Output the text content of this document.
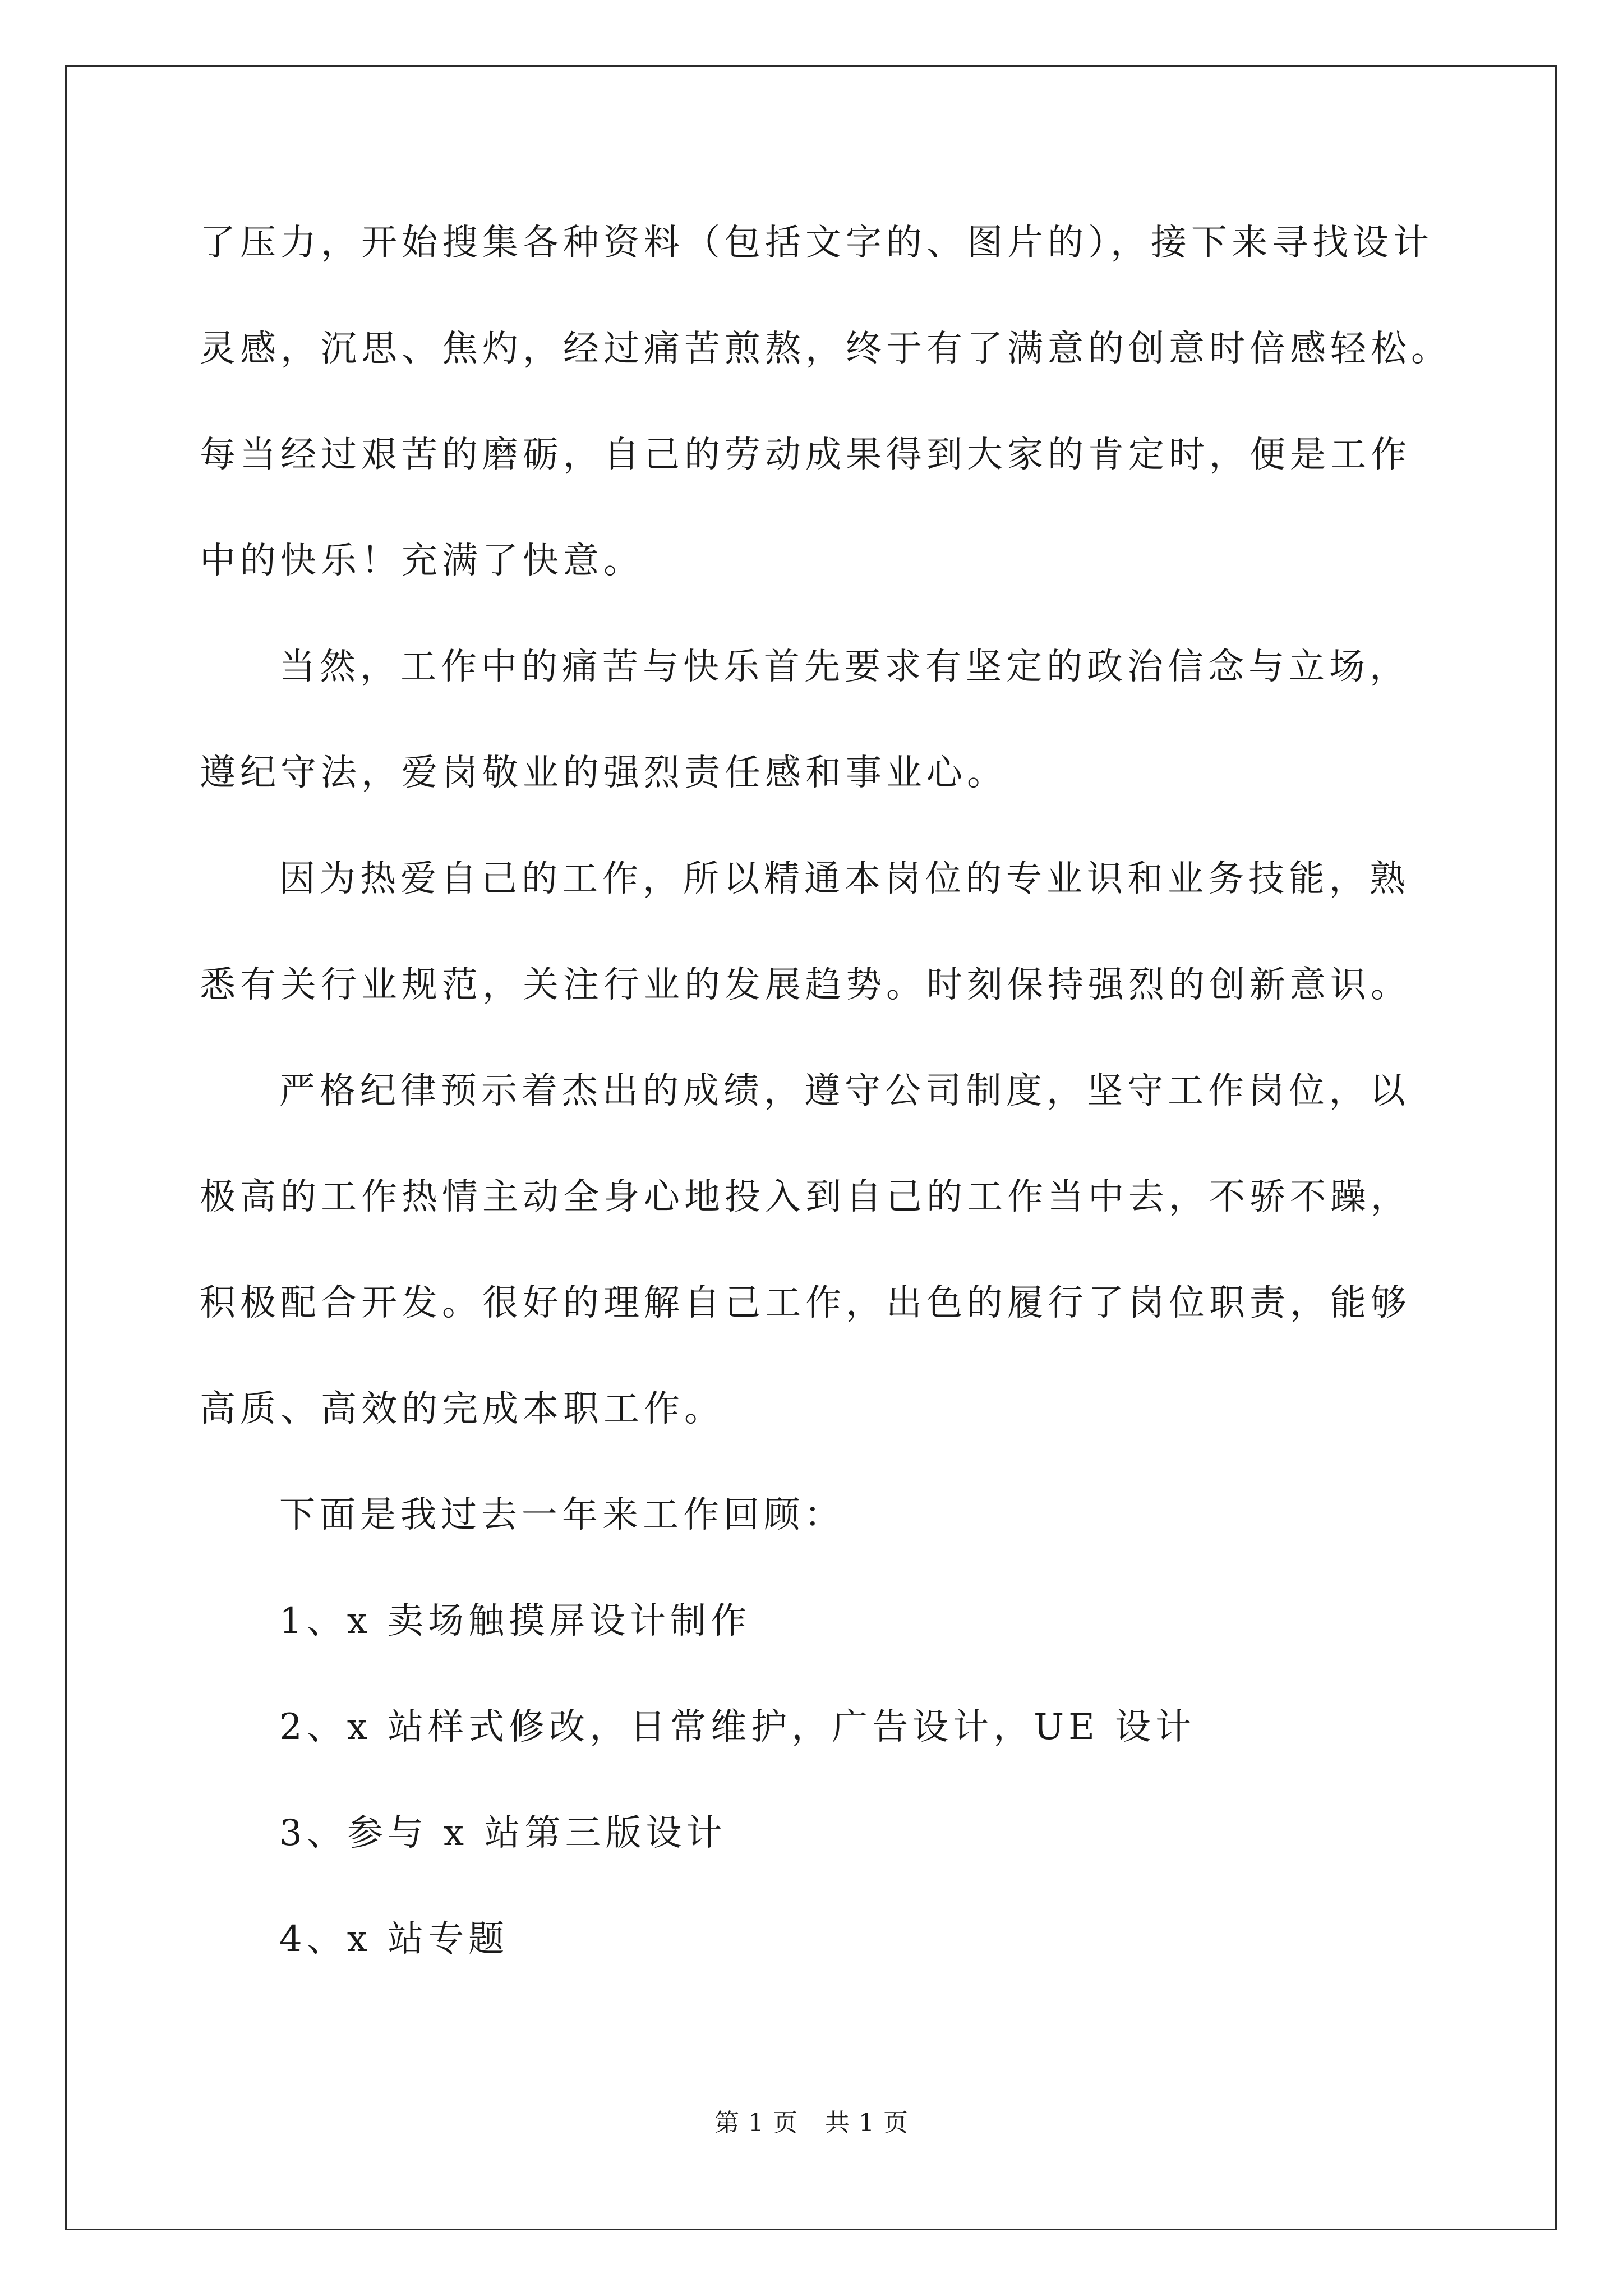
了压力，开始搜集各种资料（包括文字的、图片的），接下来寻找设计
灵感，沉思、焦灼，经过痛苦煎熬，终于有了满意的创意时倍感轻松。
每当经过艰苦的磨砺，自己的劳动成果得到大家的肯定时，便是工作
中的快乐！充满了快意。
当然，工作中的痛苦与快乐首先要求有坚定的政治信念与立场，
遵纪守法，爱岗敬业的强烈责任感和事业心。
因为热爱自己的工作，所以精通本岗位的专业识和业务技能，熟
悉有关行业规范，关注行业的发展趋势。时刻保持强烈的创新意识。
严格纪律预示着杰出的成绩，遵守公司制度，坚守工作岗位，以
极高的工作热情主动全身心地投入到自己的工作当中去，不骄不躁，
积极配合开发。很好的理解自己工作，出色的履行了岗位职责，能够
高质、高效的完成本职工作。
下面是我过去一年来工作回顾：
1、x 卖场触摸屏设计制作
2、x 站样式修改，日常维护，广告设计，UE 设计
3、参与 x 站第三版设计
4、x 站专题
第 1 页 共 1 页
